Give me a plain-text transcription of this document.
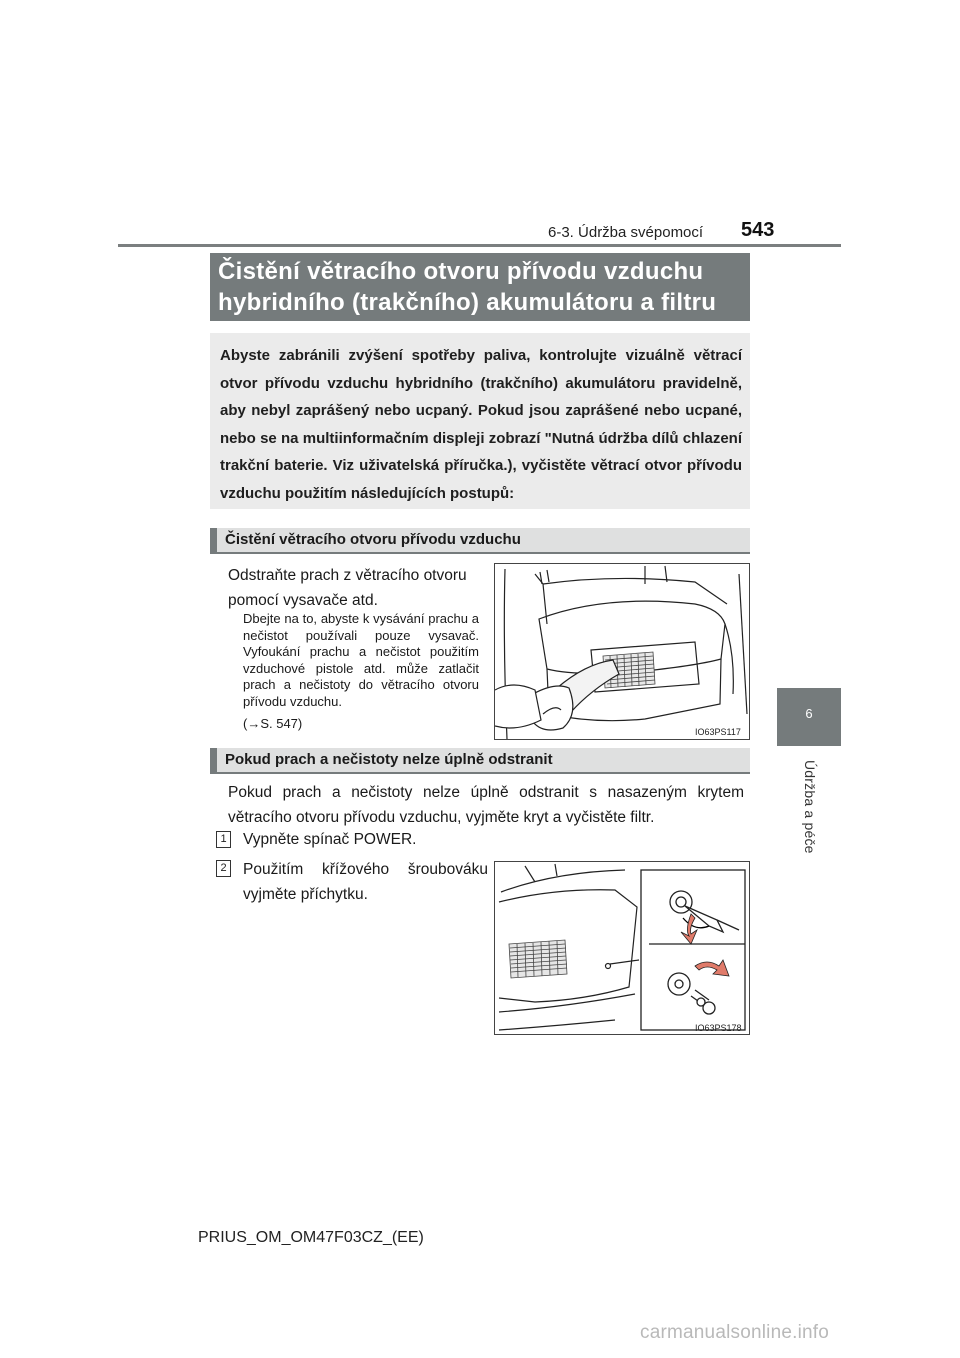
6-3. Údržba svépomocí 543
6
Údržba a péče
Čistění větracího otvoru přívodu vzduchu
hybridního (trakčního) akumulátoru a filtru
Abyste zabránili zvýšení spotřeby paliva, kontrolujte vizuálně větrací otvor přívodu vzduchu hybridního (trakčního) akumulátoru pravidelně, aby nebyl zaprášený nebo ucpaný. Pokud jsou zaprášené nebo ucpané, nebo se na multiinformačním displeji zobrazí "Nutná údržba dílů chlazení trakční baterie. Viz uživatelská příručka.), vyčistěte větrací otvor přívodu vzduchu použitím následujících postupů:
Čistění větracího otvoru přívodu vzduchu
Odstraňte prach z větracího otvoru pomocí vysavače atd.
Dbejte na to, abyste k vysávání prachu a nečistot používali pouze vysavač. Vyfoukání prachu a nečistot použitím vzduchové pistole atd. může zatlačit prach a nečistoty do větracího otvoru přívodu vzduchu.
(→S. 547)
IO63PS117
Pokud prach a nečistoty nelze úplně odstranit
Pokud prach a nečistoty nelze úplně odstranit s nasazeným krytem větracího otvoru přívodu vzduchu, vyjměte kryt a vyčistěte filtr.
1 Vypněte spínač POWER.
2 Použitím křížového šroubováku vyjměte příchytku.
IO63PS178
PRIUS_OM_OM47F03CZ_(EE)
carmanualsonline.info
